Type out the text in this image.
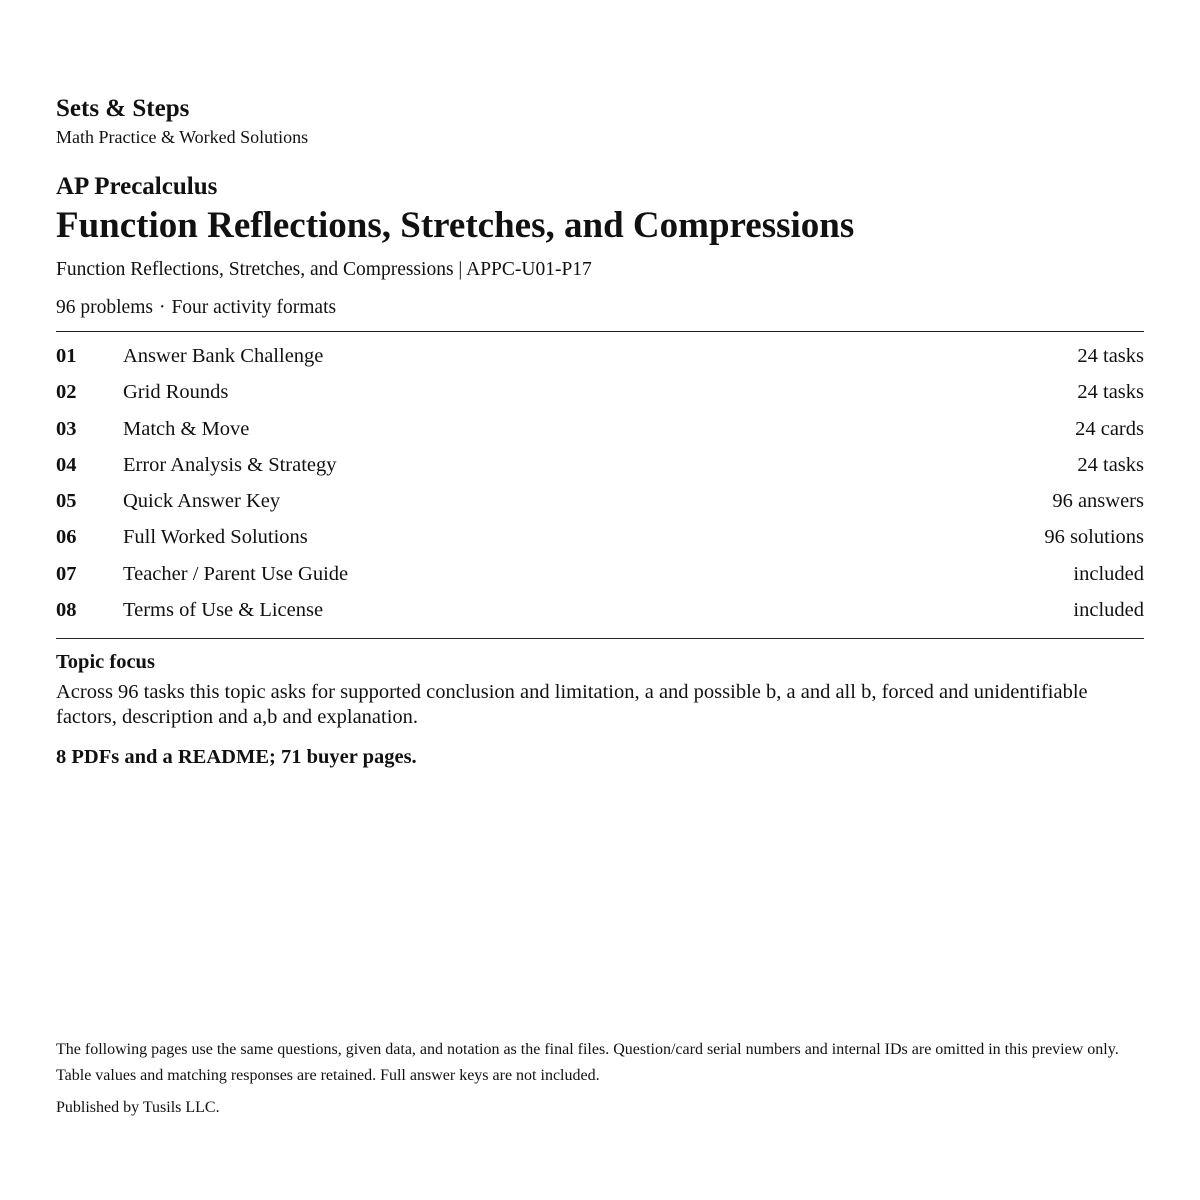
Sets & Steps

Math Practice & Worked Solutions

AP Precalculus

Function Reflections, Stretches, and Compressions

Function Reflections, Stretches, and Compressions | APPC-U01-P17

96 problems · Four activity formats

01	Answer Bank Challenge	24 tasks
02	Grid Rounds	24 tasks
03	Match & Move	24 cards
04	Error Analysis & Strategy	24 tasks
05	Quick Answer Key	96 answers
06	Full Worked Solutions	96 solutions
07	Teacher / Parent Use Guide	included
08	Terms of Use & License	included

Topic focus

Across 96 tasks this topic asks for supported conclusion and limitation, a and possible b, a and all b, forced and unidentifiable factors, description and a,b and explanation.

8 PDFs and a README; 71 buyer pages.

The following pages use the same questions, given data, and notation as the final files. Question/card serial numbers and internal IDs are omitted in this preview only. Table values and matching responses are retained. Full answer keys are not included.

Published by Tusils LLC.
